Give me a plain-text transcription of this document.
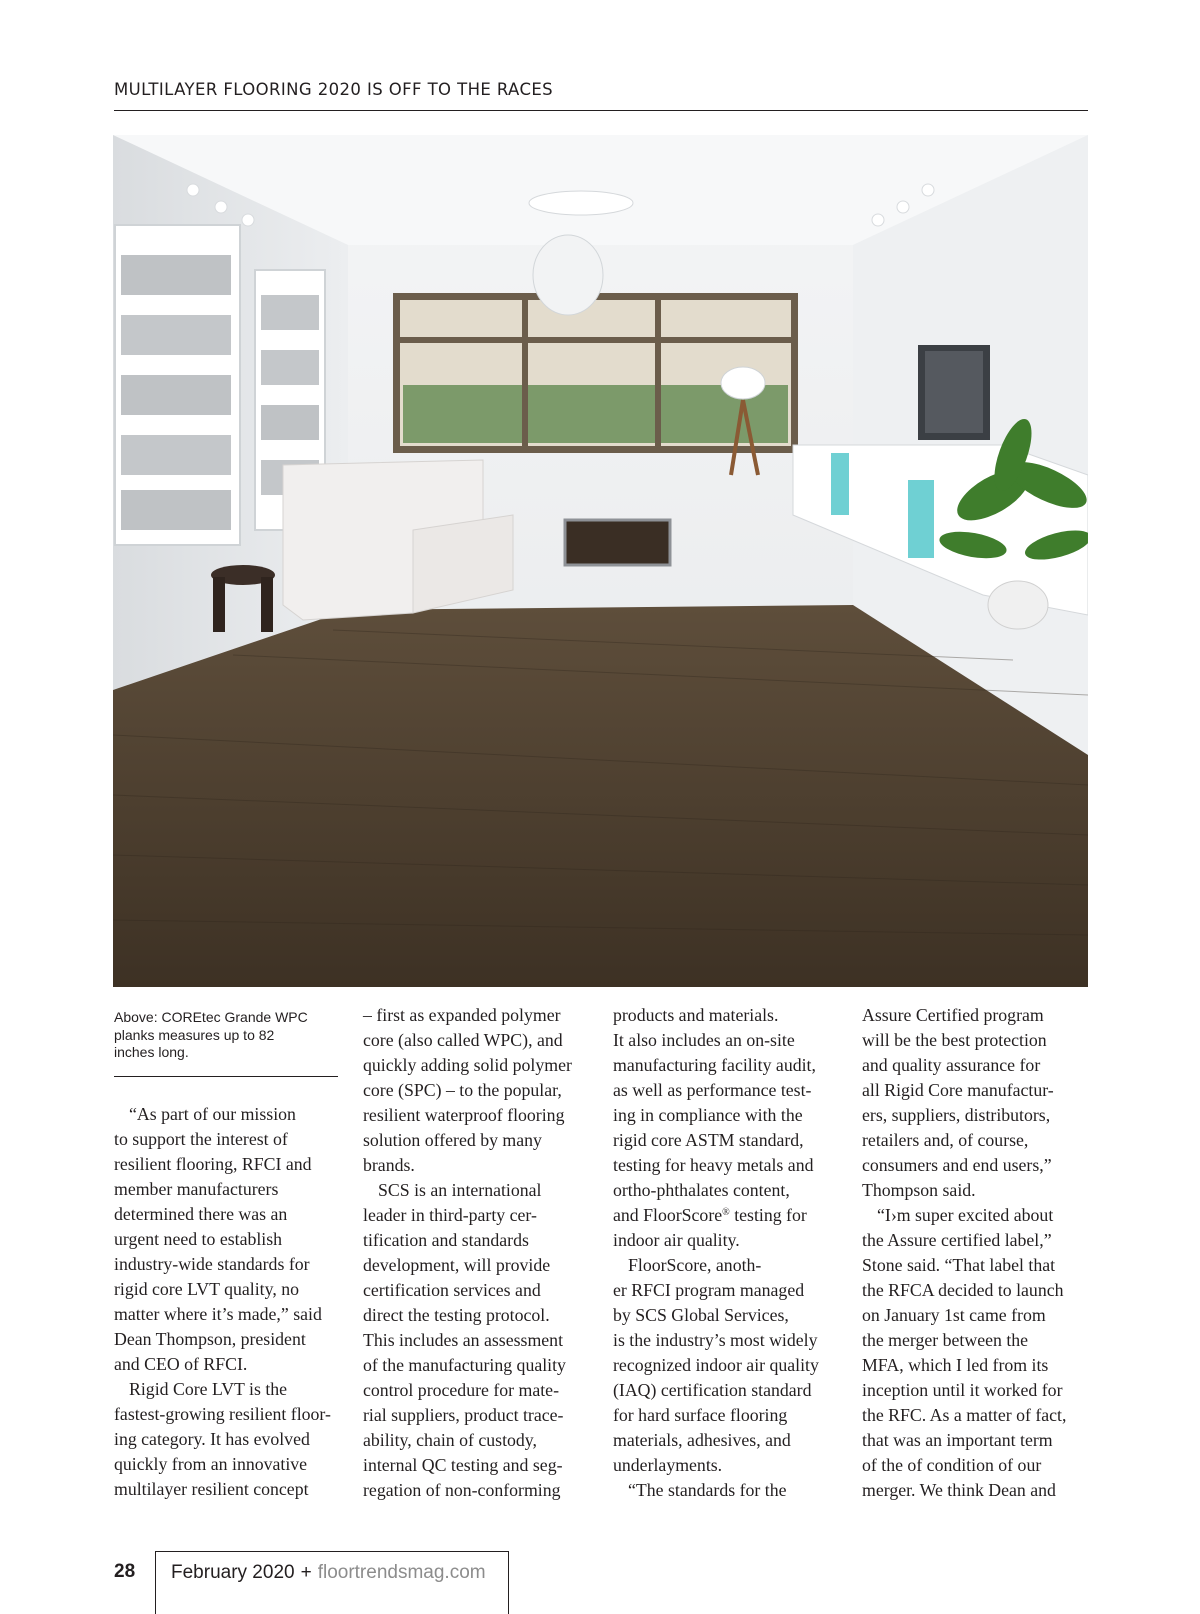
MULTILAYER FLOORING 2020 IS OFF TO THE RACES
Above: COREtec Grande WPC
planks measures up to 82
inches long.
“As part of our mission
to support the interest of
resilient flooring, RFCI and
member manufacturers
determined there was an
urgent need to establish
industry-wide standards for
rigid core LVT quality, no
matter where it’s made,” said
Dean Thompson, president
and CEO of RFCI.
Rigid Core LVT is the
fastest-growing resilient floor-
ing category. It has evolved
quickly from an innovative
multilayer resilient concept
– first as expanded polymer
core (also called WPC), and
quickly adding solid polymer
core (SPC) – to the popular,
resilient waterproof flooring
solution offered by many
brands.
SCS is an international
leader in third-party cer-
tification and standards
development, will provide
certification services and
direct the testing protocol.
This includes an assessment
of the manufacturing quality
control procedure for mate-
rial suppliers, product trace-
ability, chain of custody,
internal QC testing and seg-
regation of non-conforming
products and materials.
It also includes an on-site
manufacturing facility audit,
as well as performance test-
ing in compliance with the
rigid core ASTM standard,
testing for heavy metals and
ortho-phthalates content,
and FloorScore® testing for
indoor air quality.
FloorScore, anoth-
er RFCI program managed
by SCS Global Services,
is the industry’s most widely
recognized indoor air quality
(IAQ) certification standard
for hard surface flooring
materials, adhesives, and
underlayments.
“The standards for the
Assure Certified program
will be the best protection
and quality assurance for
all Rigid Core manufactur-
ers, suppliers, distributors,
retailers and, of course,
consumers and end users,”
Thompson said.
“I›m super excited about
the Assure certified label,”
Stone said. “That label that
the RFCA decided to launch
on January 1st came from
the merger between the
MFA, which I led from its
inception until it worked for
the RFC. As a matter of fact,
that was an important term
of the of condition of our
merger. We think Dean and
28 February 2020 + floortrendsmag.com
